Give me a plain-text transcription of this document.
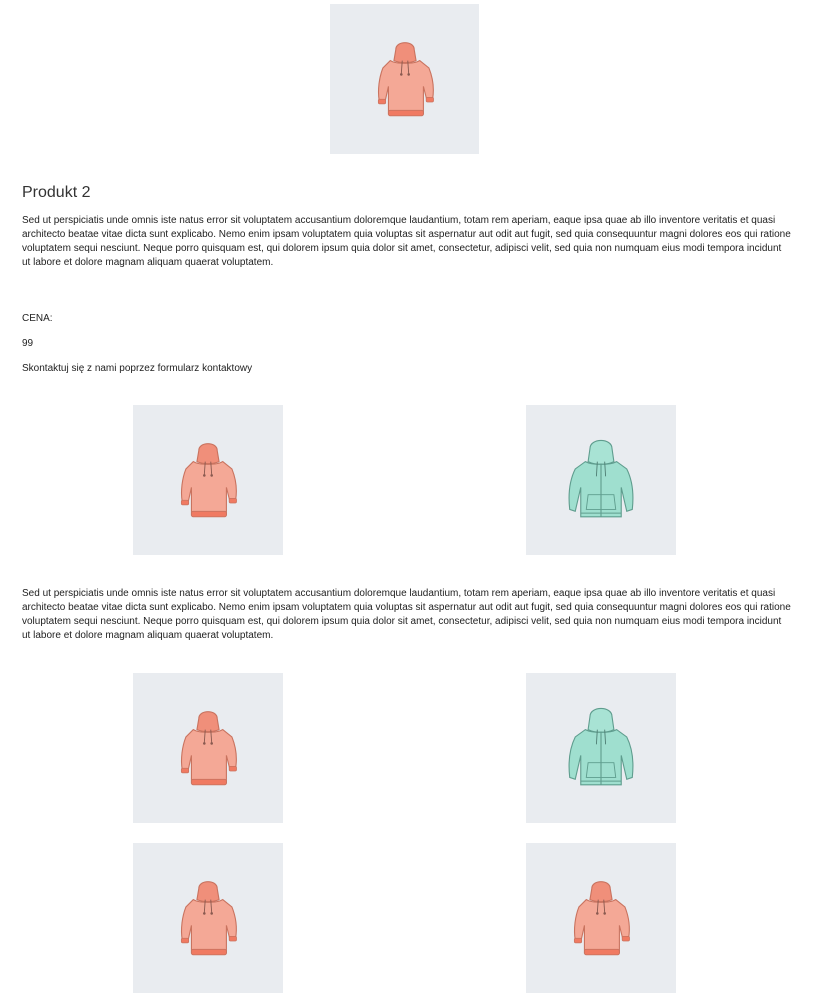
Produkt 2

Sed ut perspiciatis unde omnis iste natus error sit voluptatem accusantium doloremque laudantium, totam rem aperiam, eaque ipsa quae ab illo inventore veritatis et quasi architecto beatae vitae dicta sunt explicabo. Nemo enim ipsam voluptatem quia voluptas sit aspernatur aut odit aut fugit, sed quia consequuntur magni dolores eos qui ratione voluptatem sequi nesciunt. Neque porro quisquam est, qui dolorem ipsum quia dolor sit amet, consectetur, adipisci velit, sed quia non numquam eius modi tempora incidunt ut labore et dolore magnam aliquam quaerat voluptatem.

CENA:

99

Skontaktuj się z nami poprzez formularz kontaktowy

Sed ut perspiciatis unde omnis iste natus error sit voluptatem accusantium doloremque laudantium, totam rem aperiam, eaque ipsa quae ab illo inventore veritatis et quasi architecto beatae vitae dicta sunt explicabo. Nemo enim ipsam voluptatem quia voluptas sit aspernatur aut odit aut fugit, sed quia consequuntur magni dolores eos qui ratione voluptatem sequi nesciunt. Neque porro quisquam est, qui dolorem ipsum quia dolor sit amet, consectetur, adipisci velit, sed quia non numquam eius modi tempora incidunt ut labore et dolore magnam aliquam quaerat voluptatem.
